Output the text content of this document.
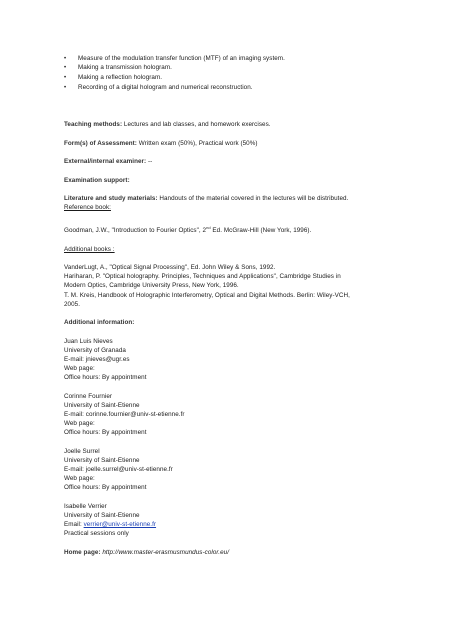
• Measure of the modulation transfer function (MTF) of an imaging system.
• Making a transmission hologram.
• Making a reflection hologram.
• Recording of a digital hologram and numerical reconstruction.
Teaching methods: Lectures and lab classes, and homework exercises.
Form(s) of Assessment: Written exam (50%), Practical work (50%)
External/internal examiner: --
Examination support:
Literature and study materials: Handouts of the material covered in the lectures will be distributed.
Reference book:
Goodman, J.W., "Introduction to Fourier Optics", 2nd Ed. McGraw-Hill (New York, 1996).
Additional books :
VanderLugt, A., "Optical Signal Processing", Ed. John Wiley & Sons, 1992.
Hariharan, P. "Optical holography. Principles, Techniques and Applications", Cambridge Studies in
Modern Optics, Cambridge University Press, New York, 1996.
T. M. Kreis, Handbook of Holographic Interferometry, Optical and Digital Methods. Berlin: Wiley-VCH,
2005.
Additional information:
Juan Luis Nieves
University of Granada
E-mail: jnieves@ugr.es
Web page:
Office hours: By appointment
Corinne Fournier
University of Saint-Etienne
E-mail: corinne.fournier@univ-st-etienne.fr
Web page:
Office hours: By appointment
Joelle Surrel
University of Saint-Etienne
E-mail: joelle.surrel@univ-st-etienne.fr
Web page:
Office hours: By appointment
Isabelle Verrier
University of Saint-Etienne
Email: verrier@univ-st-etienne.fr
Practical sessions only
Home page: http://www.master-erasmusmundus-color.eu/
